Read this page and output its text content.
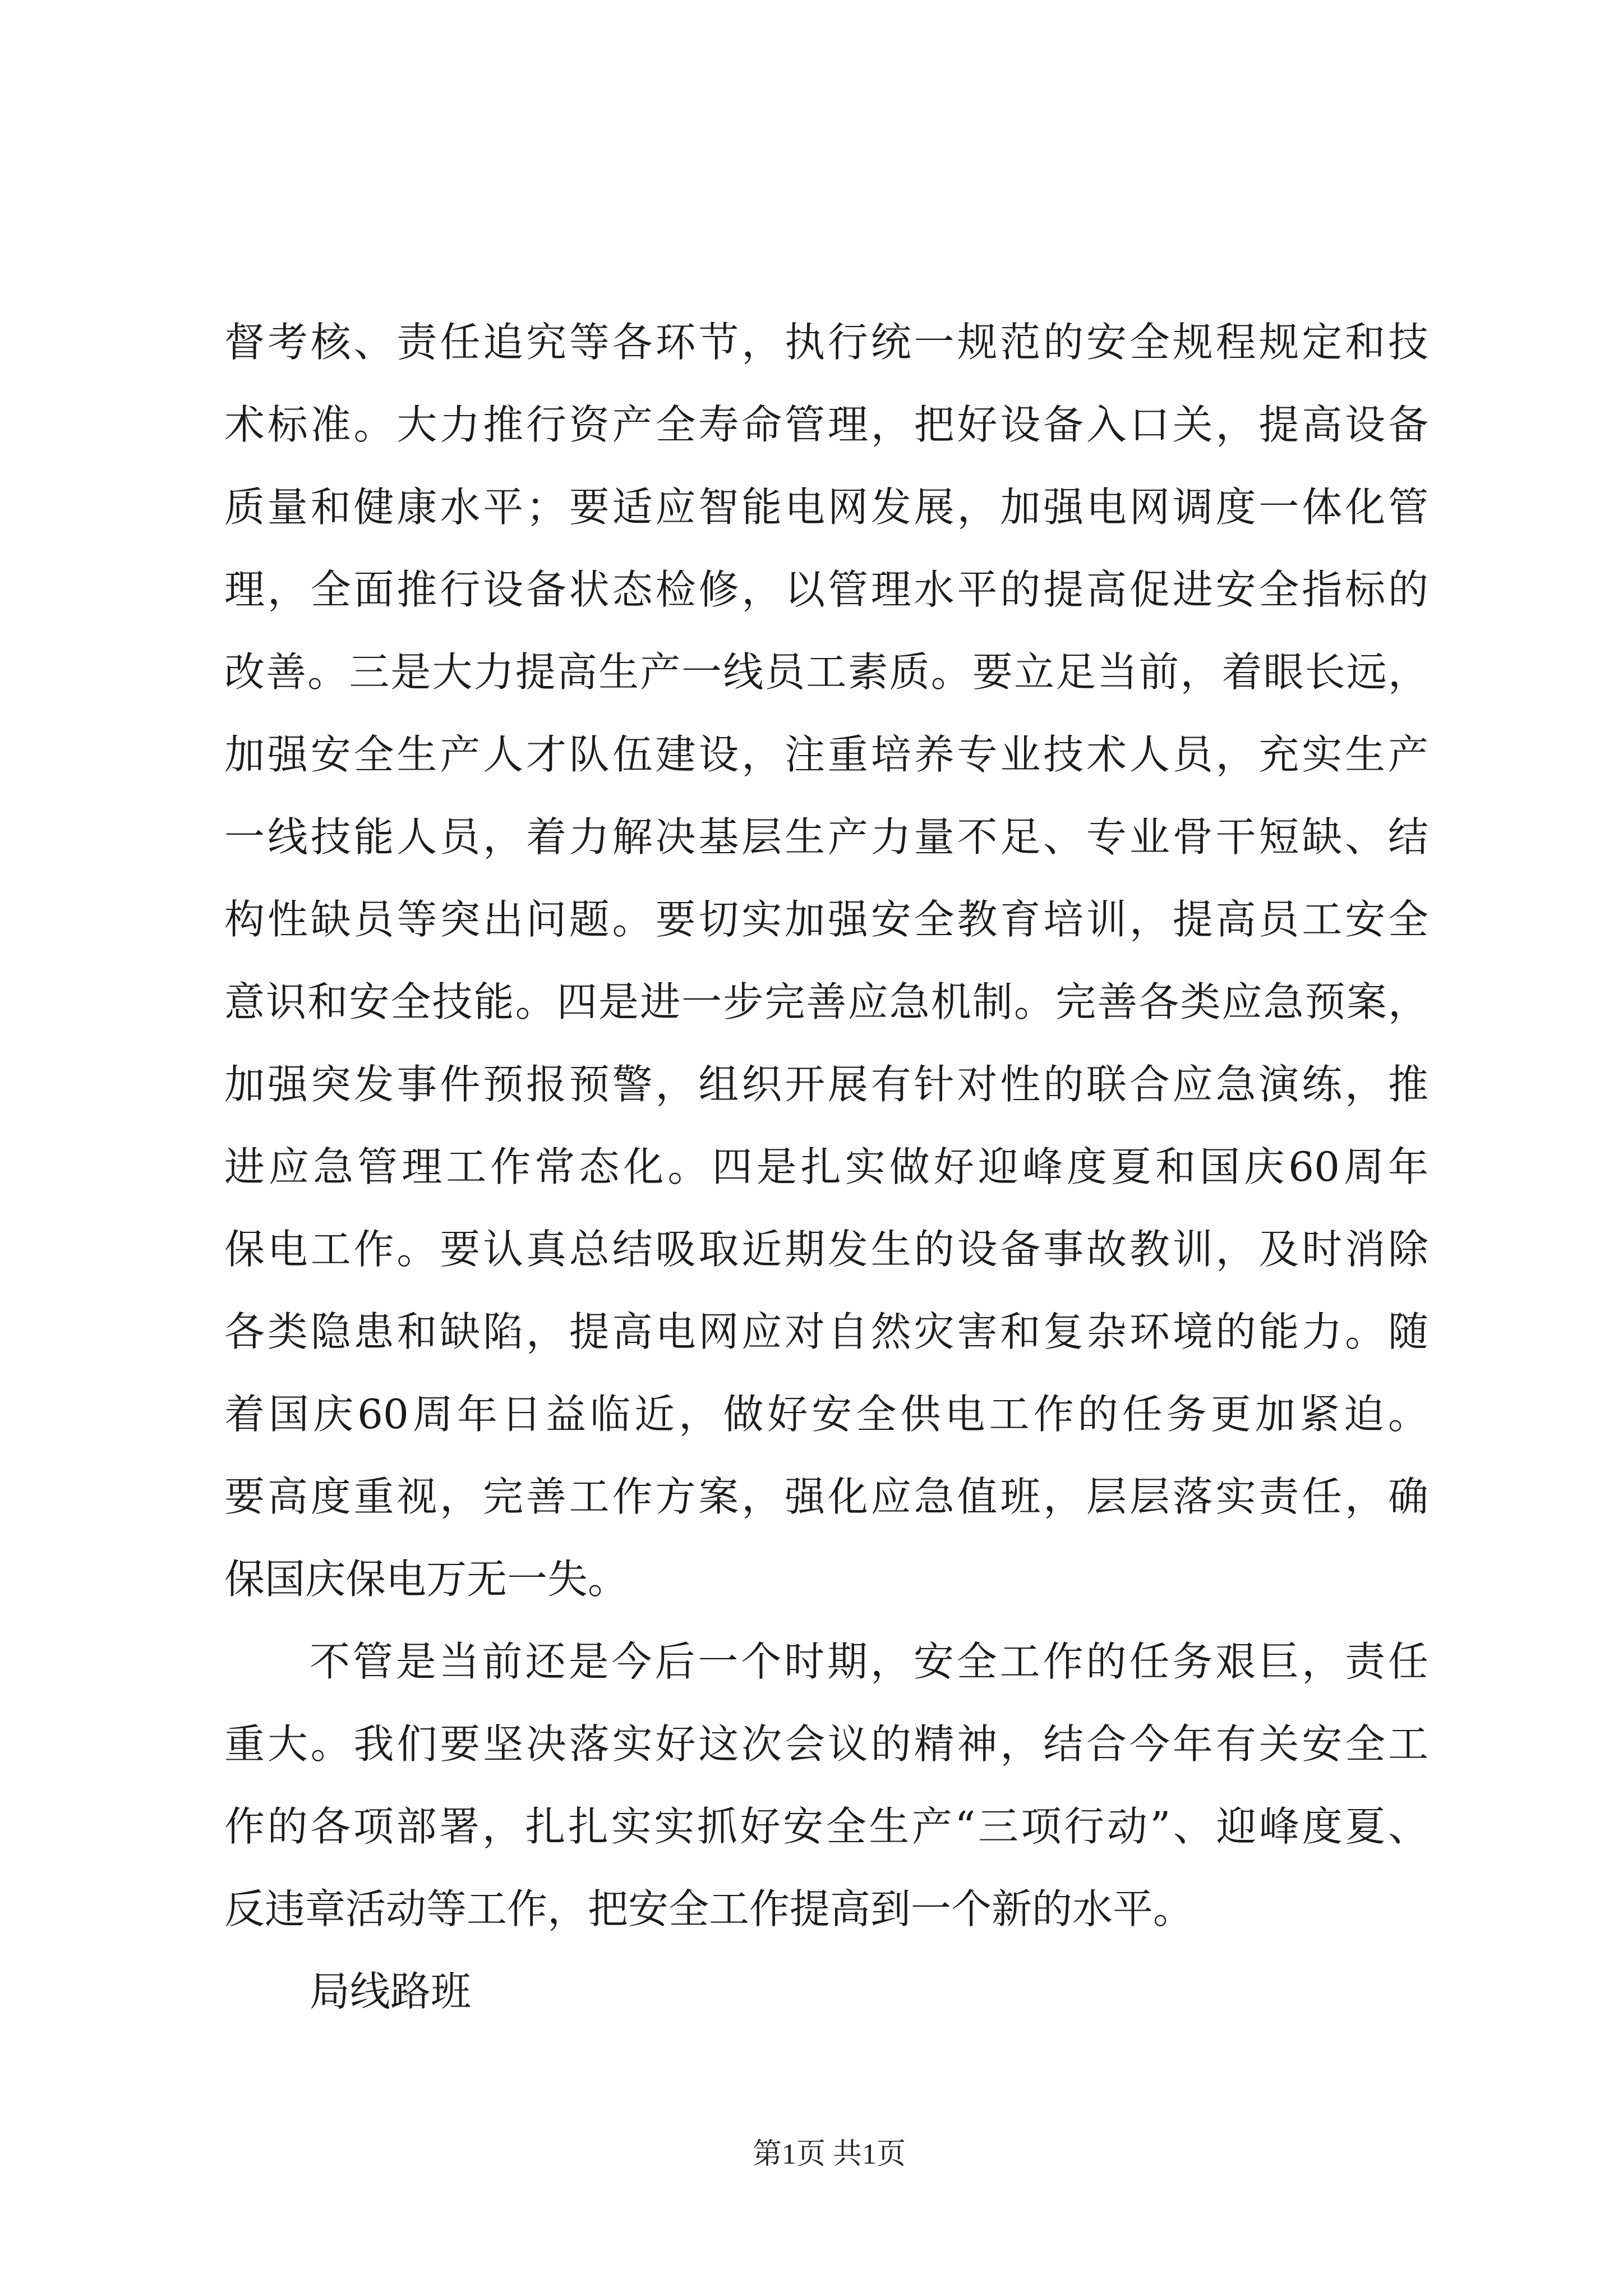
督考核、责任追究等各环节，执行统一规范的安全规程规定和技
术标准。大力推行资产全寿命管理，把好设备入口关，提高设备
质量和健康水平；要适应智能电网发展，加强电网调度一体化管
理，全面推行设备状态检修，以管理水平的提高促进安全指标的
改善。三是大力提高生产一线员工素质。要立足当前，着眼长远，
加强安全生产人才队伍建设，注重培养专业技术人员，充实生产
一线技能人员，着力解决基层生产力量不足、专业骨干短缺、结
构性缺员等突出问题。要切实加强安全教育培训，提高员工安全
意识和安全技能。四是进一步完善应急机制。完善各类应急预案，
加强突发事件预报预警，组织开展有针对性的联合应急演练，推
进应急管理工作常态化。四是扎实做好迎峰度夏和国庆60周年
保电工作。要认真总结吸取近期发生的设备事故教训，及时消除
各类隐患和缺陷，提高电网应对自然灾害和复杂环境的能力。随
着国庆60周年日益临近，做好安全供电工作的任务更加紧迫。
要高度重视，完善工作方案，强化应急值班，层层落实责任，确
保国庆保电万无一失。
不管是当前还是今后一个时期，安全工作的任务艰巨，责任
重大。我们要坚决落实好这次会议的精神，结合今年有关安全工
作的各项部署，扎扎实实抓好安全生产“三项行动”、迎峰度夏、
反违章活动等工作，把安全工作提高到一个新的水平。
局线路班
第1页 共1页
